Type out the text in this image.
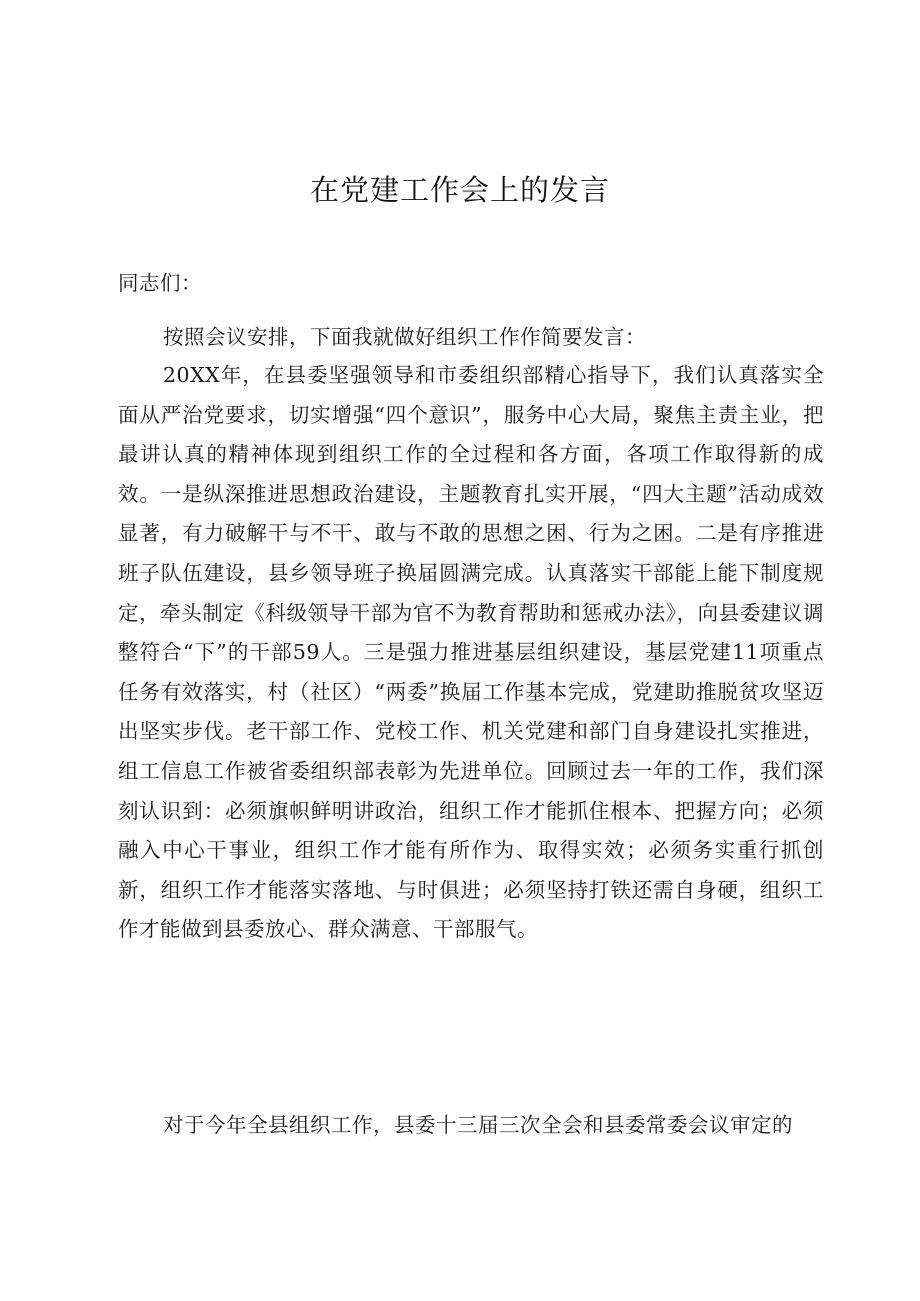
在党建工作会上的发言

同志们：

按照会议安排，下面我就做好组织工作作简要发言：

20XX年，在县委坚强领导和市委组织部精心指导下，我们认真落实全面从严治党要求，切实增强“四个意识”，服务中心大局，聚焦主责主业，把最讲认真的精神体现到组织工作的全过程和各方面，各项工作取得新的成效。一是纵深推进思想政治建设，主题教育扎实开展，“四大主题”活动成效显著，有力破解干与不干、敢与不敢的思想之困、行为之困。二是有序推进班子队伍建设，县乡领导班子换届圆满完成。认真落实干部能上能下制度规定，牵头制定《科级领导干部为官不为教育帮助和惩戒办法》，向县委建议调整符合“下”的干部59人。三是强力推进基层组织建设，基层党建11项重点任务有效落实，村（社区）“两委”换届工作基本完成，党建助推脱贫攻坚迈出坚实步伐。老干部工作、党校工作、机关党建和部门自身建设扎实推进，组工信息工作被省委组织部表彰为先进单位。回顾过去一年的工作，我们深刻认识到：必须旗帜鲜明讲政治，组织工作才能抓住根本、把握方向；必须融入中心干事业，组织工作才能有所作为、取得实效；必须务实重行抓创新，组织工作才能落实落地、与时俱进；必须坚持打铁还需自身硬，组织工作才能做到县委放心、群众满意、干部服气。

对于今年全县组织工作，县委十三届三次全会和县委常委会议审定的
